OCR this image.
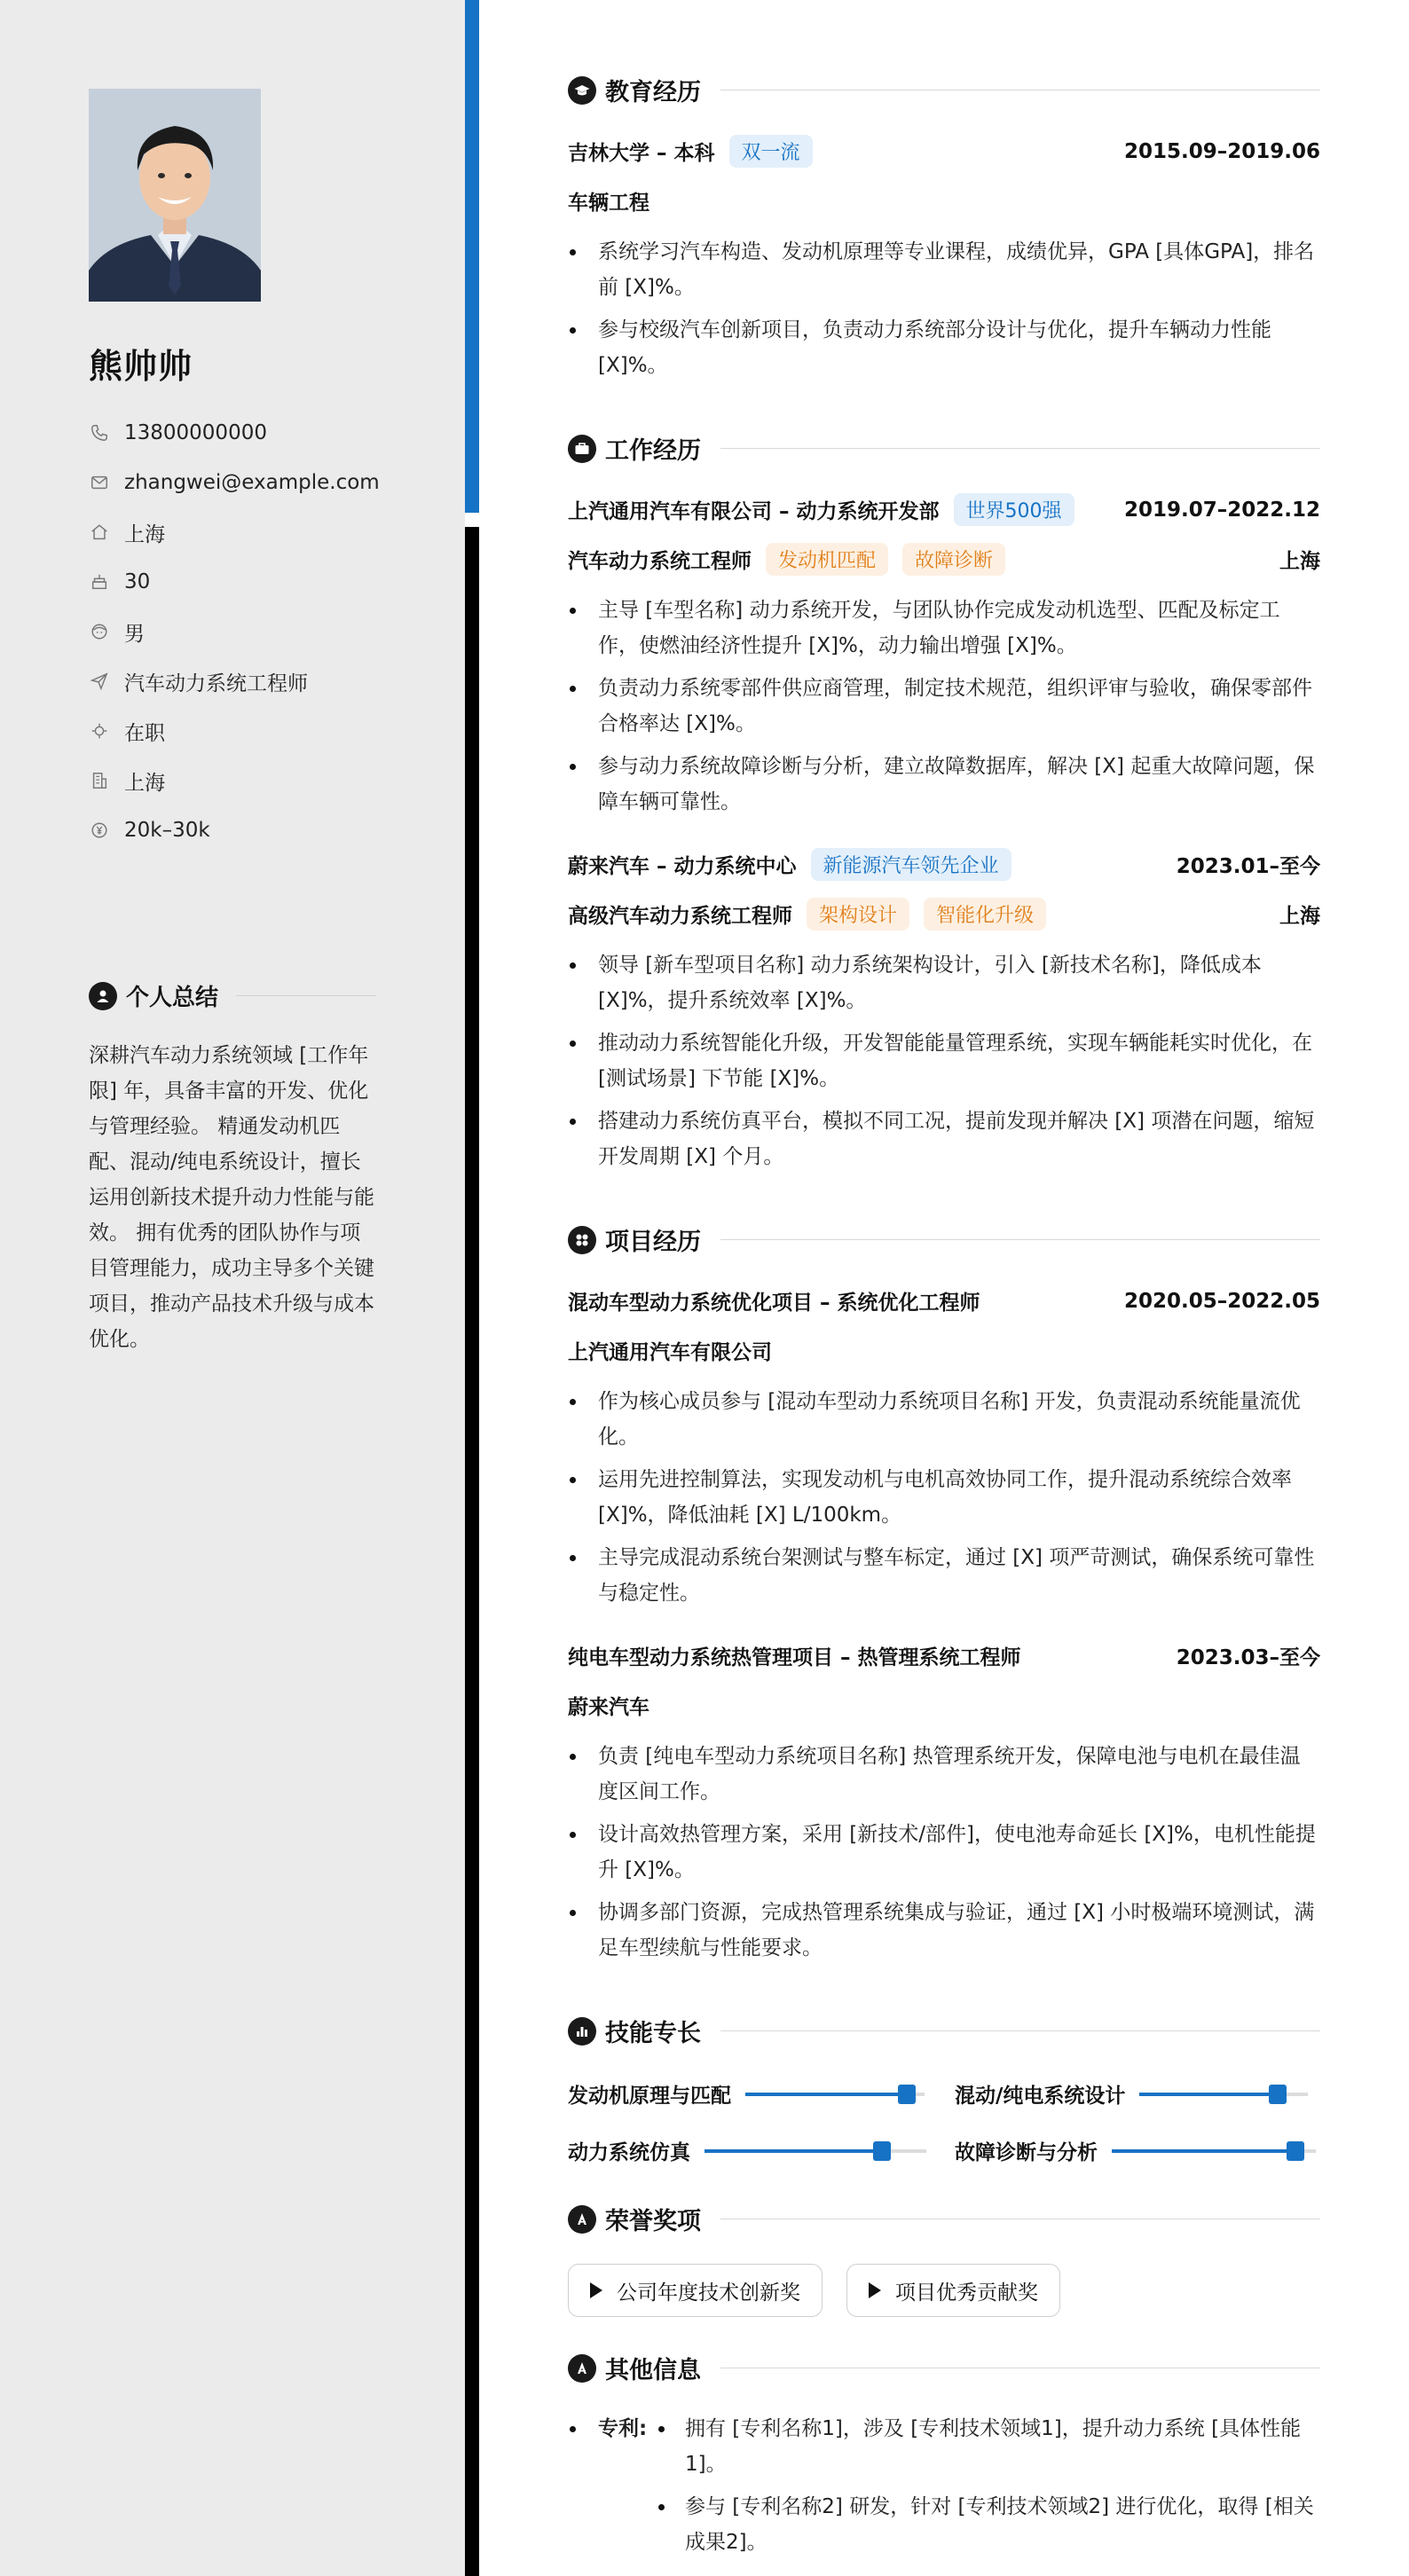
熊帅帅
13800000000
zhangwei@example.com
上海
30
男
汽车动力系统工程师
在职
上海
20k–30k
个人总结
深耕汽车动力系统领域 [工作年限] 年，具备丰富的开发、优化与管理经验。 精通发动机匹配、混动/纯电系统设计，擅长运用创新技术提升动力性能与能效。 拥有优秀的团队协作与项目管理能力，成功主导多个关键项目，推动产品技术升级与成本优化。
教育经历
吉林大学 – 本科	双一流	2015.09–2019.06
车辆工程
系统学习汽车构造、发动机原理等专业课程，成绩优异，GPA [具体GPA]，排名前 [X]%。
参与校级汽车创新项目，负责动力系统部分设计与优化，提升车辆动力性能 [X]%。
工作经历
上汽通用汽车有限公司 – 动力系统开发部	世界500强	2019.07–2022.12
汽车动力系统工程师	发动机匹配	故障诊断	上海
主导 [车型名称] 动力系统开发，与团队协作完成发动机选型、匹配及标定工作，使燃油经济性提升 [X]%，动力输出增强 [X]%。
负责动力系统零部件供应商管理，制定技术规范，组织评审与验收，确保零部件合格率达 [X]%。
参与动力系统故障诊断与分析，建立故障数据库，解决 [X] 起重大故障问题，保障车辆可靠性。
蔚来汽车 – 动力系统中心	新能源汽车领先企业	2023.01–至今
高级汽车动力系统工程师	架构设计	智能化升级	上海
领导 [新车型项目名称] 动力系统架构设计，引入 [新技术名称]，降低成本 [X]%，提升系统效率 [X]%。
推动动力系统智能化升级，开发智能能量管理系统，实现车辆能耗实时优化，在 [测试场景] 下节能 [X]%。
搭建动力系统仿真平台，模拟不同工况，提前发现并解决 [X] 项潜在问题，缩短开发周期 [X] 个月。
项目经历
混动车型动力系统优化项目 – 系统优化工程师	2020.05–2022.05
上汽通用汽车有限公司
作为核心成员参与 [混动车型动力系统项目名称] 开发，负责混动系统能量流优化。
运用先进控制算法，实现发动机与电机高效协同工作，提升混动系统综合效率 [X]%，降低油耗 [X] L/100km。
主导完成混动系统台架测试与整车标定，通过 [X] 项严苛测试，确保系统可靠性与稳定性。
纯电车型动力系统热管理项目 – 热管理系统工程师	2023.03–至今
蔚来汽车
负责 [纯电车型动力系统项目名称] 热管理系统开发，保障电池与电机在最佳温度区间工作。
设计高效热管理方案，采用 [新技术/部件]，使电池寿命延长 [X]%，电机性能提升 [X]%。
协调多部门资源，完成热管理系统集成与验证，通过 [X] 小时极端环境测试，满足车型续航与性能要求。
技能专长
发动机原理与匹配	混动/纯电系统设计
动力系统仿真	故障诊断与分析
荣誉奖项
公司年度技术创新奖	项目优秀贡献奖
其他信息
专利:	拥有 [专利名称1]，涉及 [专利技术领域1]，提升动力系统 [具体性能1]。
参与 [专利名称2] 研发，针对 [专利技术领域2] 进行优化，取得 [相关成果2]。
